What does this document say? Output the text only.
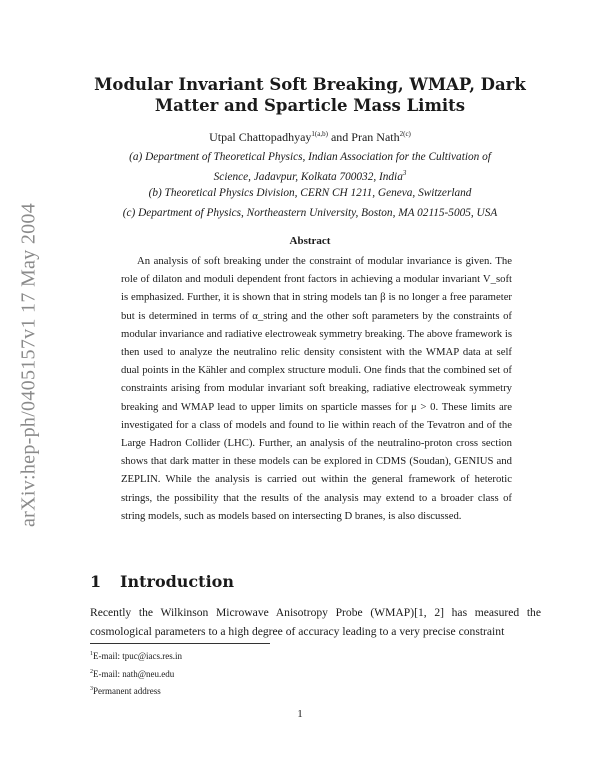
arXiv:hep-ph/0405157v1 17 May 2004
Modular Invariant Soft Breaking, WMAP, Dark
Matter and Sparticle Mass Limits
Utpal Chattopadhyay$^{1(a,b)}$ and Pran Nath$^{2(c)}$
(a) Department of Theoretical Physics, Indian Association for the Cultivation of
Science, Jadavpur, Kolkata 700032, India$^3$
(b) Theoretical Physics Division, CERN CH 1211, Geneva, Switzerland
(c) Department of Physics, Northeastern University, Boston, MA 02115-5005, USA
Abstract

An analysis of soft breaking under the constraint of modular invariance is given. The role of dilaton and moduli dependent front factors in achieving a modular invariant V_soft is emphasized. Further, it is shown that in string models tan β is no longer a free parameter but is determined in terms of α_string and the other soft parameters by the constraints of modular invariance and radiative electroweak symmetry breaking. The above framework is then used to analyze the neutralino relic density consistent with the WMAP data at self dual points in the Kähler and complex structure moduli. One finds that the combined set of constraints arising from modular invariant soft breaking, radiative electroweak symmetry breaking and WMAP lead to upper limits on sparticle masses for μ > 0. These limits are investigated for a class of models and found to lie within reach of the Tevatron and of the Large Hadron Collider (LHC). Further, an analysis of the neutralino-proton cross section shows that dark matter in these models can be explored in CDMS (Soudan), GENIUS and ZEPLIN. While the analysis is carried out within the general framework of heterotic strings, the possibility that the results of the analysis may extend to a broader class of string models, such as models based on intersecting D branes, is also discussed.

1 Introduction

Recently the Wilkinson Microwave Anisotropy Probe (WMAP)[1, 2] has measured the cosmological parameters to a high degree of accuracy leading to a very precise constraint

$^1$E-mail: tpuc@iacs.res.in
$^2$E-mail: nath@neu.edu
$^3$Permanent address
1
